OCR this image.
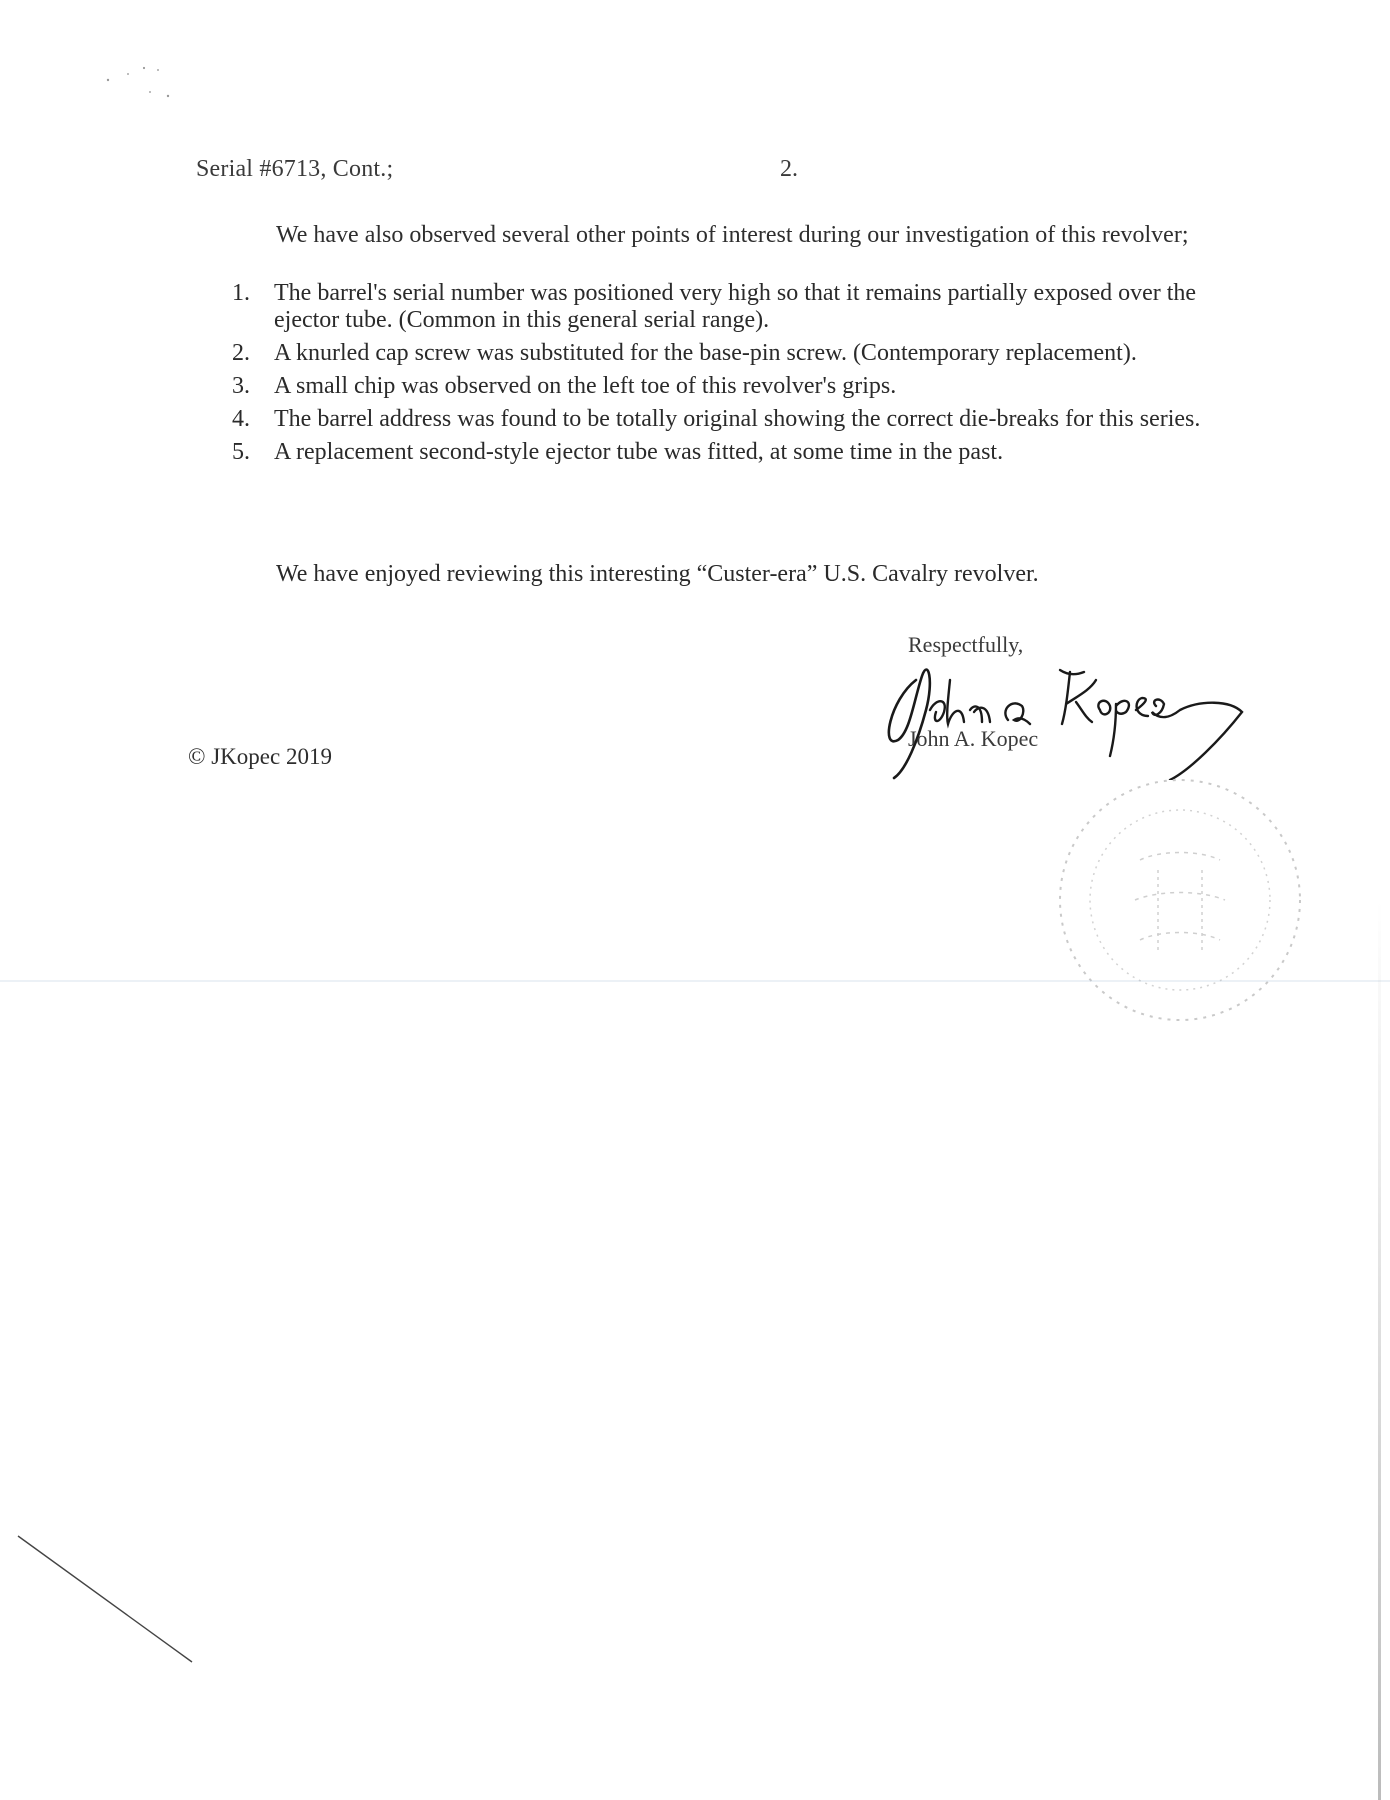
Serial #6713, Cont.;	2.
We have also observed several other points of interest during our investigation of this revolver;
1. The barrel's serial number was positioned very high so that it remains partially exposed over the ejector tube. (Common in this general serial range).
2. A knurled cap screw was substituted for the base-pin screw. (Contemporary replacement).
3. A small chip was observed on the left toe of this revolver's grips.
4. The barrel address was found to be totally original showing the correct die-breaks for this series.
5. A replacement second-style ejector tube was fitted, at some time in the past.
We have enjoyed reviewing this interesting “Custer-era” U.S. Cavalry revolver.
Respectfully,
John A. Kopec
© JKopec 2019
